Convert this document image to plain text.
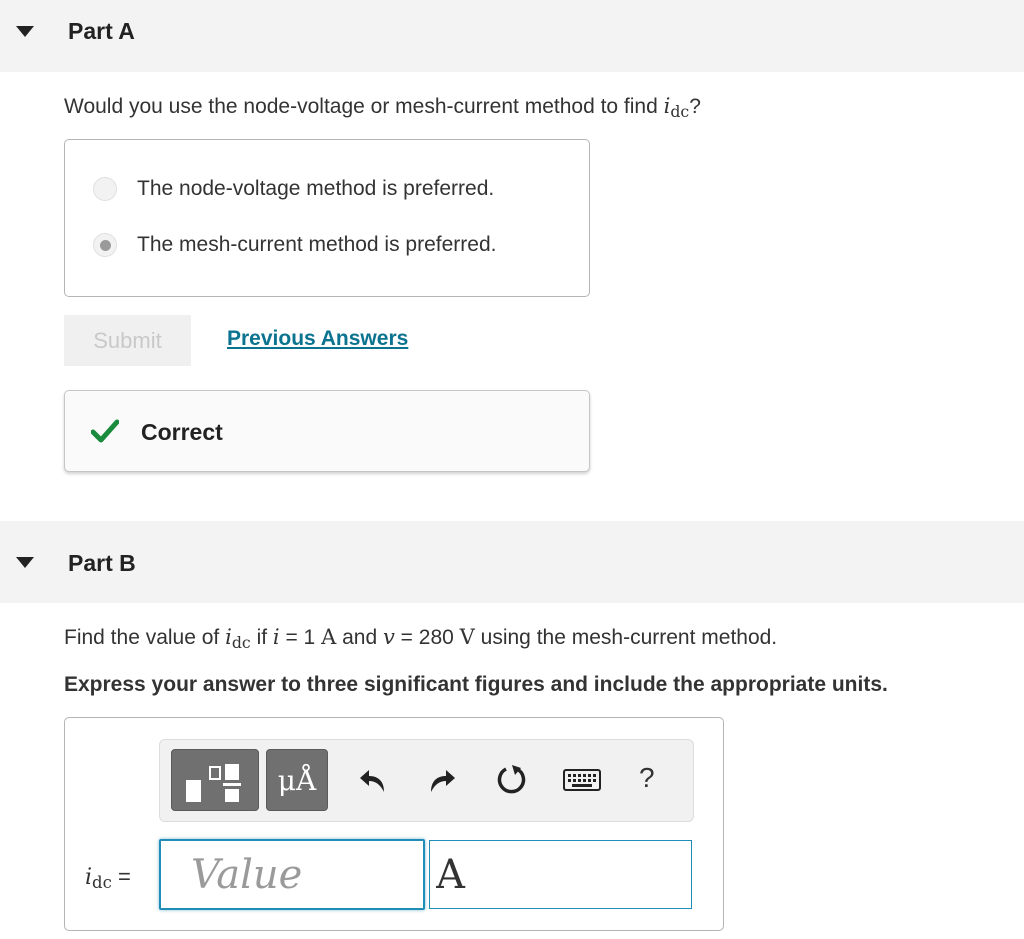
Part A
Would you use the node-voltage or mesh-current method to find $i_{dc}$?
The node-voltage method is preferred.
The mesh-current method is preferred.
Submit	Previous Answers
Correct
Part B
Find the value of $i_{dc}$ if i = 1 A and v = 280 V using the mesh-current method.
Express your answer to three significant figures and include the appropriate units.
μÅ	?
$i_{dc}$ =
Value
A
